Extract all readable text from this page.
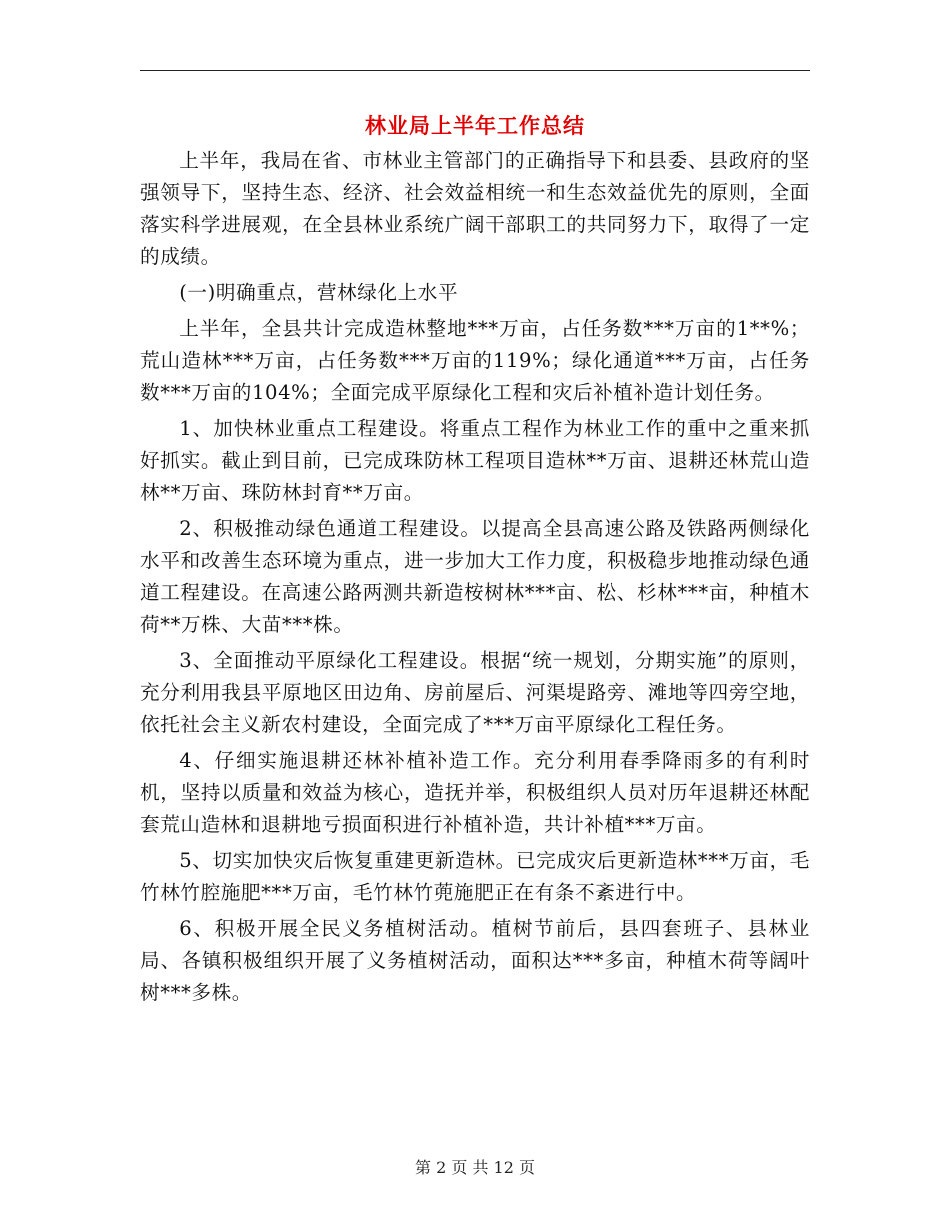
林业局上半年工作总结

上半年，我局在省、市林业主管部门的正确指导下和县委、县政府的坚强领导下，坚持生态、经济、社会效益相统一和生态效益优先的原则，全面落实科学进展观，在全县林业系统广阔干部职工的共同努力下，取得了一定的成绩。

(一)明确重点，营林绿化上水平

上半年，全县共计完成造林整地***万亩，占任务数***万亩的1**%；荒山造林***万亩，占任务数***万亩的119%；绿化通道***万亩，占任务数***万亩的104%；全面完成平原绿化工程和灾后补植补造计划任务。

1、加快林业重点工程建设。将重点工程作为林业工作的重中之重来抓好抓实。截止到目前，已完成珠防林工程项目造林**万亩、退耕还林荒山造林**万亩、珠防林封育**万亩。

2、积极推动绿色通道工程建设。以提高全县高速公路及铁路两侧绿化水平和改善生态环境为重点，进一步加大工作力度，积极稳步地推动绿色通道工程建设。在高速公路两测共新造桉树林***亩、松、杉林***亩，种植木荷**万株、大苗***株。

3、全面推动平原绿化工程建设。根据“统一规划，分期实施”的原则，充分利用我县平原地区田边角、房前屋后、河渠堤路旁、滩地等四旁空地，依托社会主义新农村建设，全面完成了***万亩平原绿化工程任务。

4、仔细实施退耕还林补植补造工作。充分利用春季降雨多的有利时机，坚持以质量和效益为核心，造抚并举，积极组织人员对历年退耕还林配套荒山造林和退耕地亏损面积进行补植补造，共计补植***万亩。

5、切实加快灾后恢复重建更新造林。已完成灾后更新造林***万亩，毛竹林竹腔施肥***万亩，毛竹林竹蔸施肥正在有条不紊进行中。

6、积极开展全民义务植树活动。植树节前后，县四套班子、县林业局、各镇积极组织开展了义务植树活动，面积达***多亩，种植木荷等阔叶树***多株。

第 2 页 共 12 页
